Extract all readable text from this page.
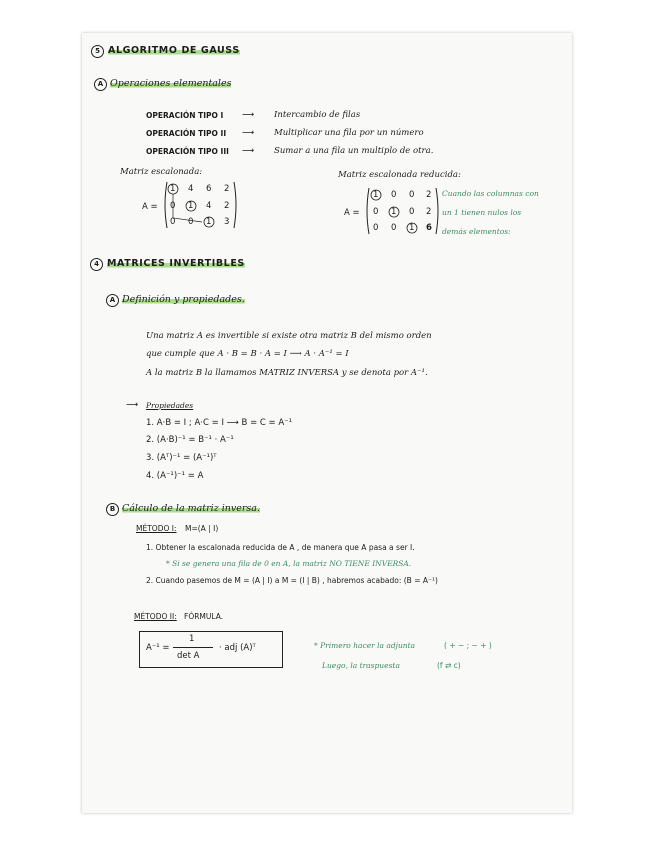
5 ALGORITMO DE GAUSS
A Operaciones elementales
OPERACIÓN TIPO I ⟶ Intercambio de filas
OPERACIÓN TIPO II ⟶ Multiplicar una fila por un número
OPERACIÓN TIPO III ⟶ Sumar a una fila un multiplo de otra.
Matriz escalonada:
A =
1 4 6 2
0 1 4 2
0 0 1 3
Matriz escalonada reducida:
A =
1 0 0 2
0 1 0 2
0 0 1 6
Cuando las columnas con
un 1 tienen nulos los
demás elementos:
4 MATRICES INVERTIBLES
A Definición y propiedades.
Una matriz A es invertible si existe otra matriz B del mismo orden
que cumple que A · B = B · A = I ⟶ A · A⁻¹ = I
A la matriz B la llamamos MATRIZ INVERSA y se denota por A⁻¹.
⟶ Propiedades
1. A·B = I ; A·C = I ⟶ B = C = A⁻¹
2. (A·B)⁻¹ = B⁻¹ · A⁻¹
3. (Aᵀ)⁻¹ = (A⁻¹)ᵀ
4. (A⁻¹)⁻¹ = A
B Cálculo de la matriz inversa.
MÉTODO I: M=(A | I)
1. Obtener la escalonada reducida de A , de manera que A pasa a ser I.
* Si se genera una fila de 0 en A, la matriz NO TIENE INVERSA.
2. Cuando pasemos de M = (A | I) a M = (I | B) , habremos acabado: (B = A⁻¹)
MÉTODO II: FÓRMULA.
A⁻¹ =
1
det A
· adj (A)ᵀ	* Primero hacer la adjunta	( + − ; − + )
Luego, la traspuesta	(f ⇄ c)
